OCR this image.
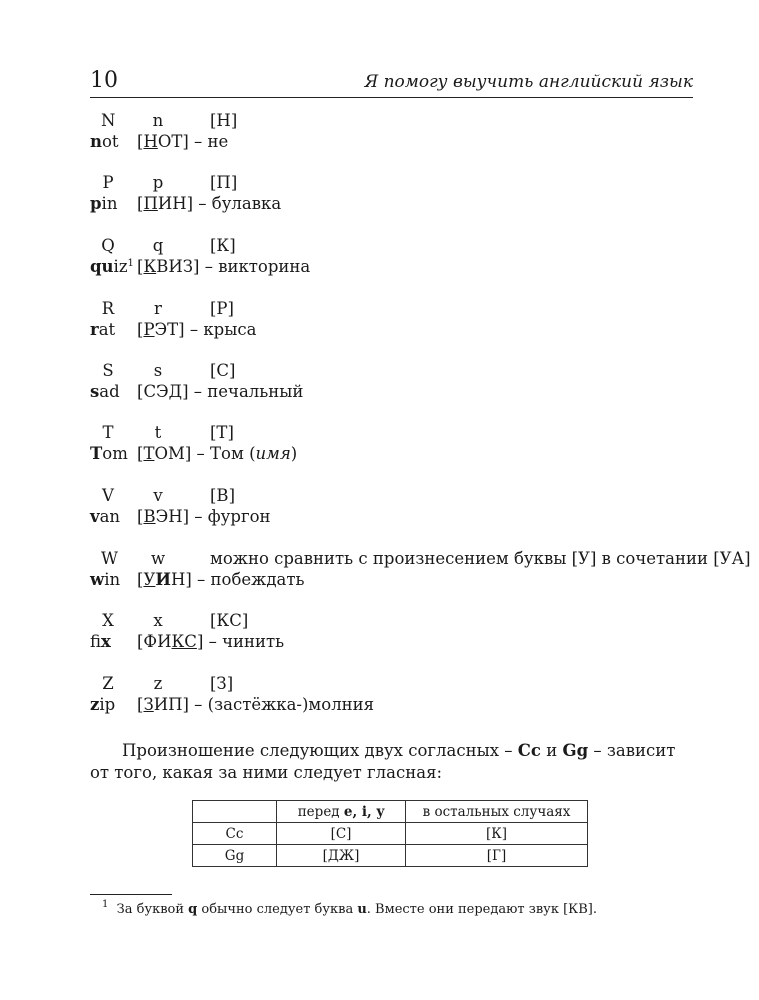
10	Я помогу выучить английский язык
N n	[Н]
not [НОТ] – не
P p	[П]
pin [ПИН] – булавка
Q q	[К]
quiz$^1$ [КВИЗ] – викторина
R r	[Р]
rat [РЭТ] – крыса
S s	[С]
sad [СЭД] – печальный
T t	[Т]
Tom [ТОМ] – Том (имя)
V v	[В]
van [ВЭН] – фургон
W w	можно сравнить с произнесением буквы [У] в сочетании [УА]
win [УИН] – побеждать
X x	[КС]
fix [ФИКС] – чинить
Z z	[З]
zip [ЗИП] – (застёжка-)молния
Произношение следующих двух согласных – Cc и Gg – зависит от того, какая за ними следует гласная:
	перед e, i, y	в остальных случаях
Cc	[С]	[К]
Gg	[ДЖ]	[Г]
$^1$ За буквой q обычно следует буква u. Вместе они передают звук [КВ].
